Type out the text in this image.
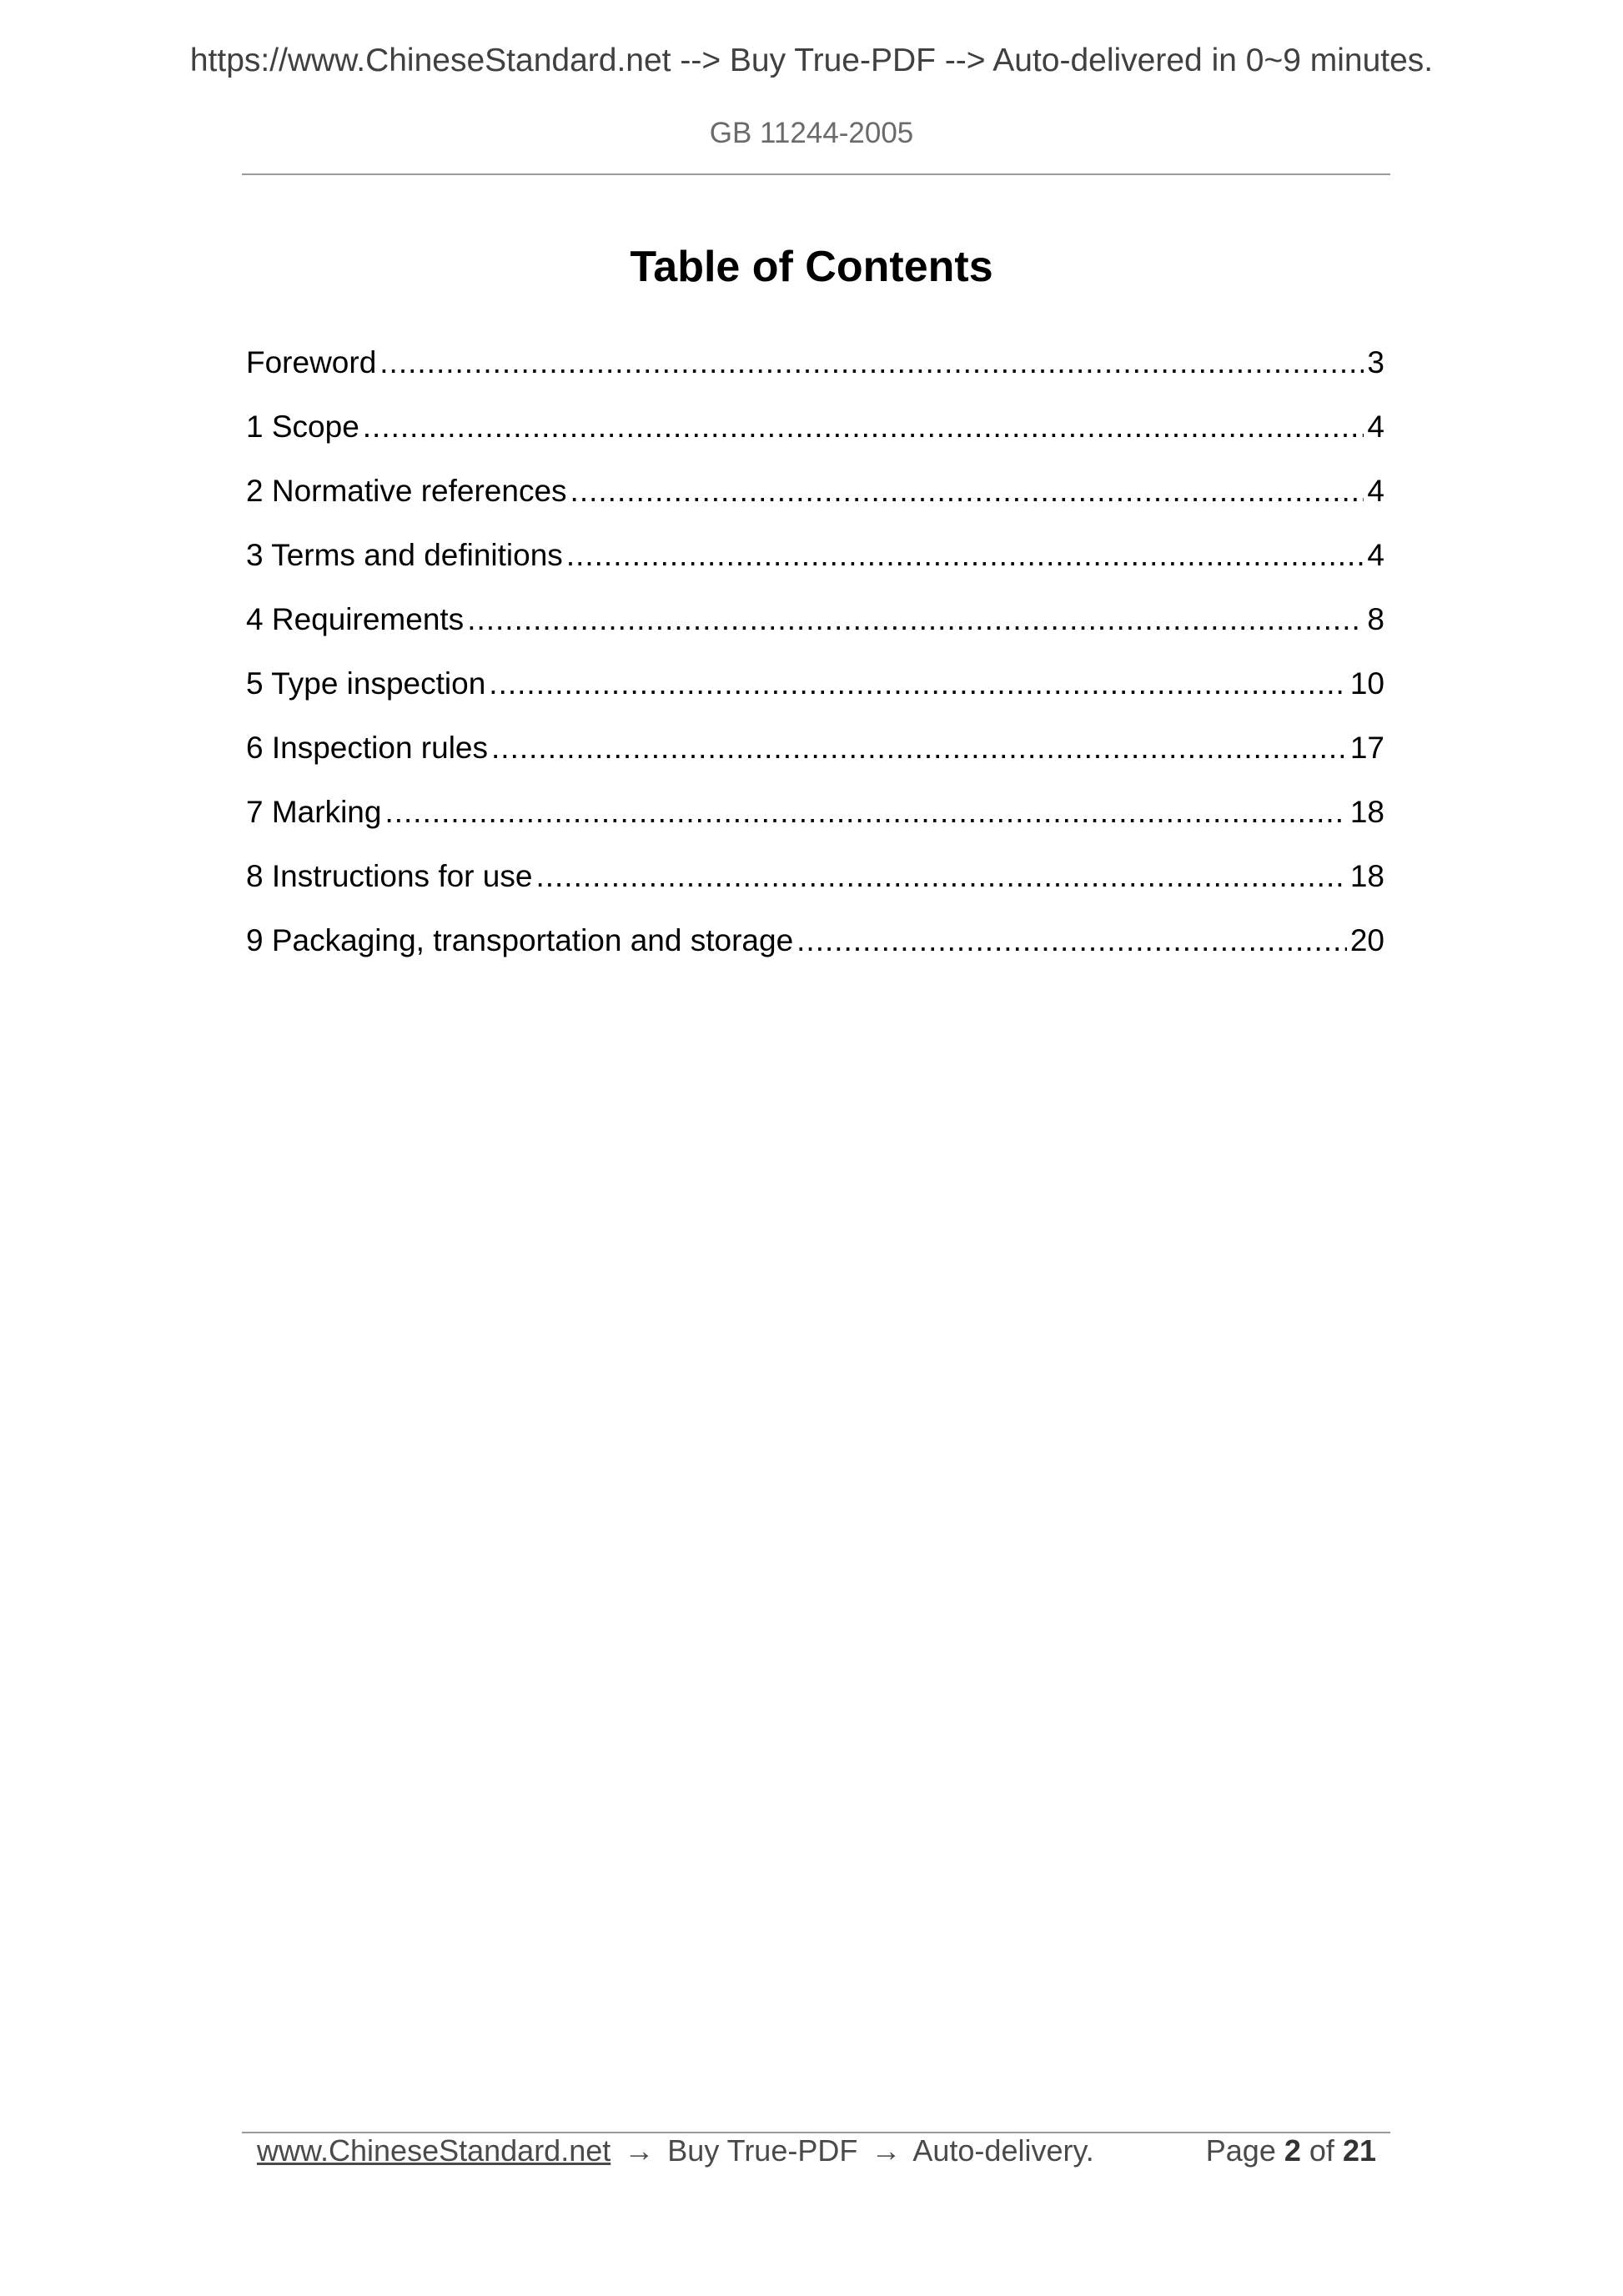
https://www.ChineseStandard.net --> Buy True-PDF --> Auto-delivered in 0~9 minutes.
GB 11244-2005
Table of Contents
Foreword .....	3
1 Scope .....	4
2 Normative references .....	4
3 Terms and definitions .....	4
4 Requirements .....	8
5 Type inspection .....	10
6 Inspection rules .....	17
7 Marking .....	18
8 Instructions for use .....	18
9 Packaging, transportation and storage .....	20
www.ChineseStandard.net → Buy True-PDF → Auto-delivery.	Page 2 of 21
